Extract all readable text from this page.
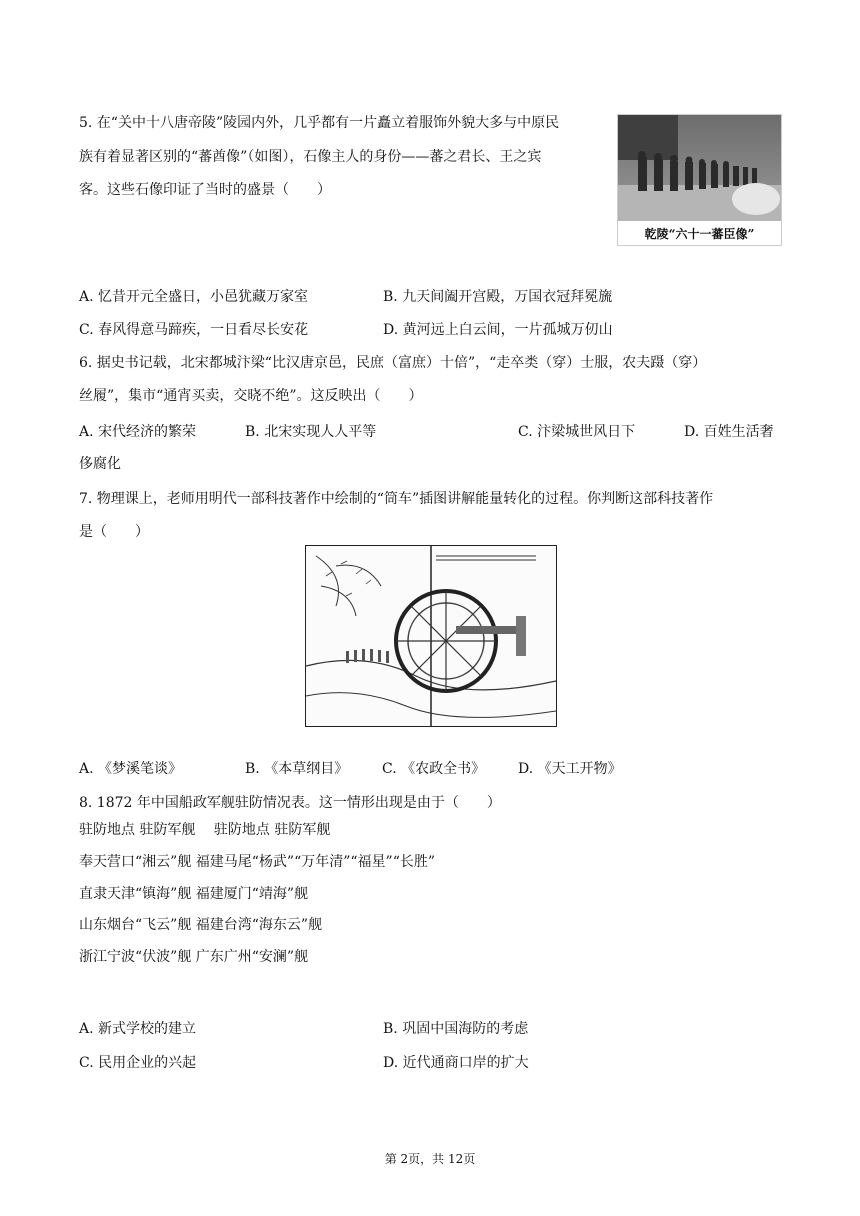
5. 在“关中十八唐帝陵”陵园内外，几乎都有一片矗立着服饰外貌大多与中原民
族有着显著区别的“蕃酋像”（如图），石像主人的身份——蕃之君长、王之宾
客。这些石像印证了当时的盛景（　　）
乾陵“六十一蕃臣像”
A. 忆昔开元全盛日，小邑犹藏万家室	B. 九天间阖开宫殿，万国衣冠拜冕旒
C. 春风得意马蹄疾，一日看尽长安花	D. 黄河远上白云间，一片孤城万仞山
6. 据史书记载，北宋都城汴梁“比汉唐京邑，民庶（富庶）十倍”，“走卒类（穿）士服，农夫蹑（穿）
丝履”，集市“通宵买卖，交晓不绝”。这反映出（　　）
A. 宋代经济的繁荣	B. 北宋实现人人平等	C. 汴梁城世风日下	D. 百姓生活奢
侈腐化
7. 物理课上，老师用明代一部科技著作中绘制的“筒车”插图讲解能量转化的过程。你判断这部科技著作
是（　　）
A. 《梦溪笔谈》	B. 《本草纲目》 C. 《农政全书》 D. 《天工开物》
8. 1872 年中国船政军舰驻防情况表。这一情形出现是由于（　　）
驻防地点 驻防军舰　 驻防地点 驻防军舰
奉天营口“湘云”舰 福建马尾“杨武”“万年清”“福星”“长胜”
直隶天津“镇海”舰 福建厦门“靖海”舰
山东烟台“飞云”舰 福建台湾“海东云”舰
浙江宁波“伏波”舰 广东广州“安澜”舰
A. 新式学校的建立	B. 巩固中国海防的考虑
C. 民用企业的兴起	D. 近代通商口岸的扩大
第 2页，共 12页
